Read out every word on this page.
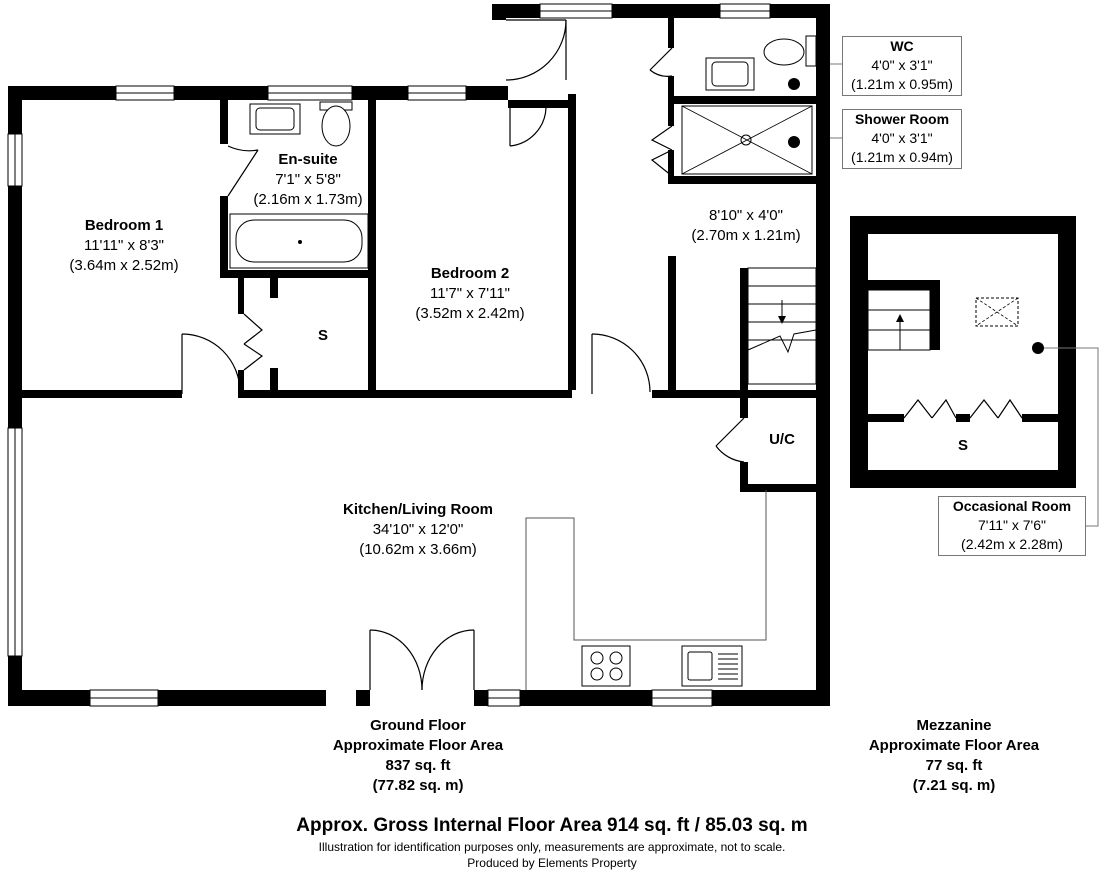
Bedroom 1
11'11" x 8'3"
(3.64m x 2.52m)
En-suite
7'1" x 5'8"
(2.16m x 1.73m)
Bedroom 2
11'7" x 7'11"
(3.52m x 2.42m)
8'10" x 4'0"
(2.70m x 1.21m)
S
U/C
Kitchen/Living Room
34'10" x 12'0"
(10.62m x 3.66m)
S
WC
4'0" x 3'1"
(1.21m x 0.95m)
Shower Room
4'0" x 3'1"
(1.21m x 0.94m)
Occasional Room
7'11" x 7'6"
(2.42m x 2.28m)
Ground Floor
Approximate Floor Area
837 sq. ft
(77.82 sq. m)
Mezzanine
Approximate Floor Area
77 sq. ft
(7.21 sq. m)
Approx. Gross Internal Floor Area 914 sq. ft / 85.03 sq. m
Illustration for identification purposes only, measurements are approximate, not to scale.
Produced by Elements Property
